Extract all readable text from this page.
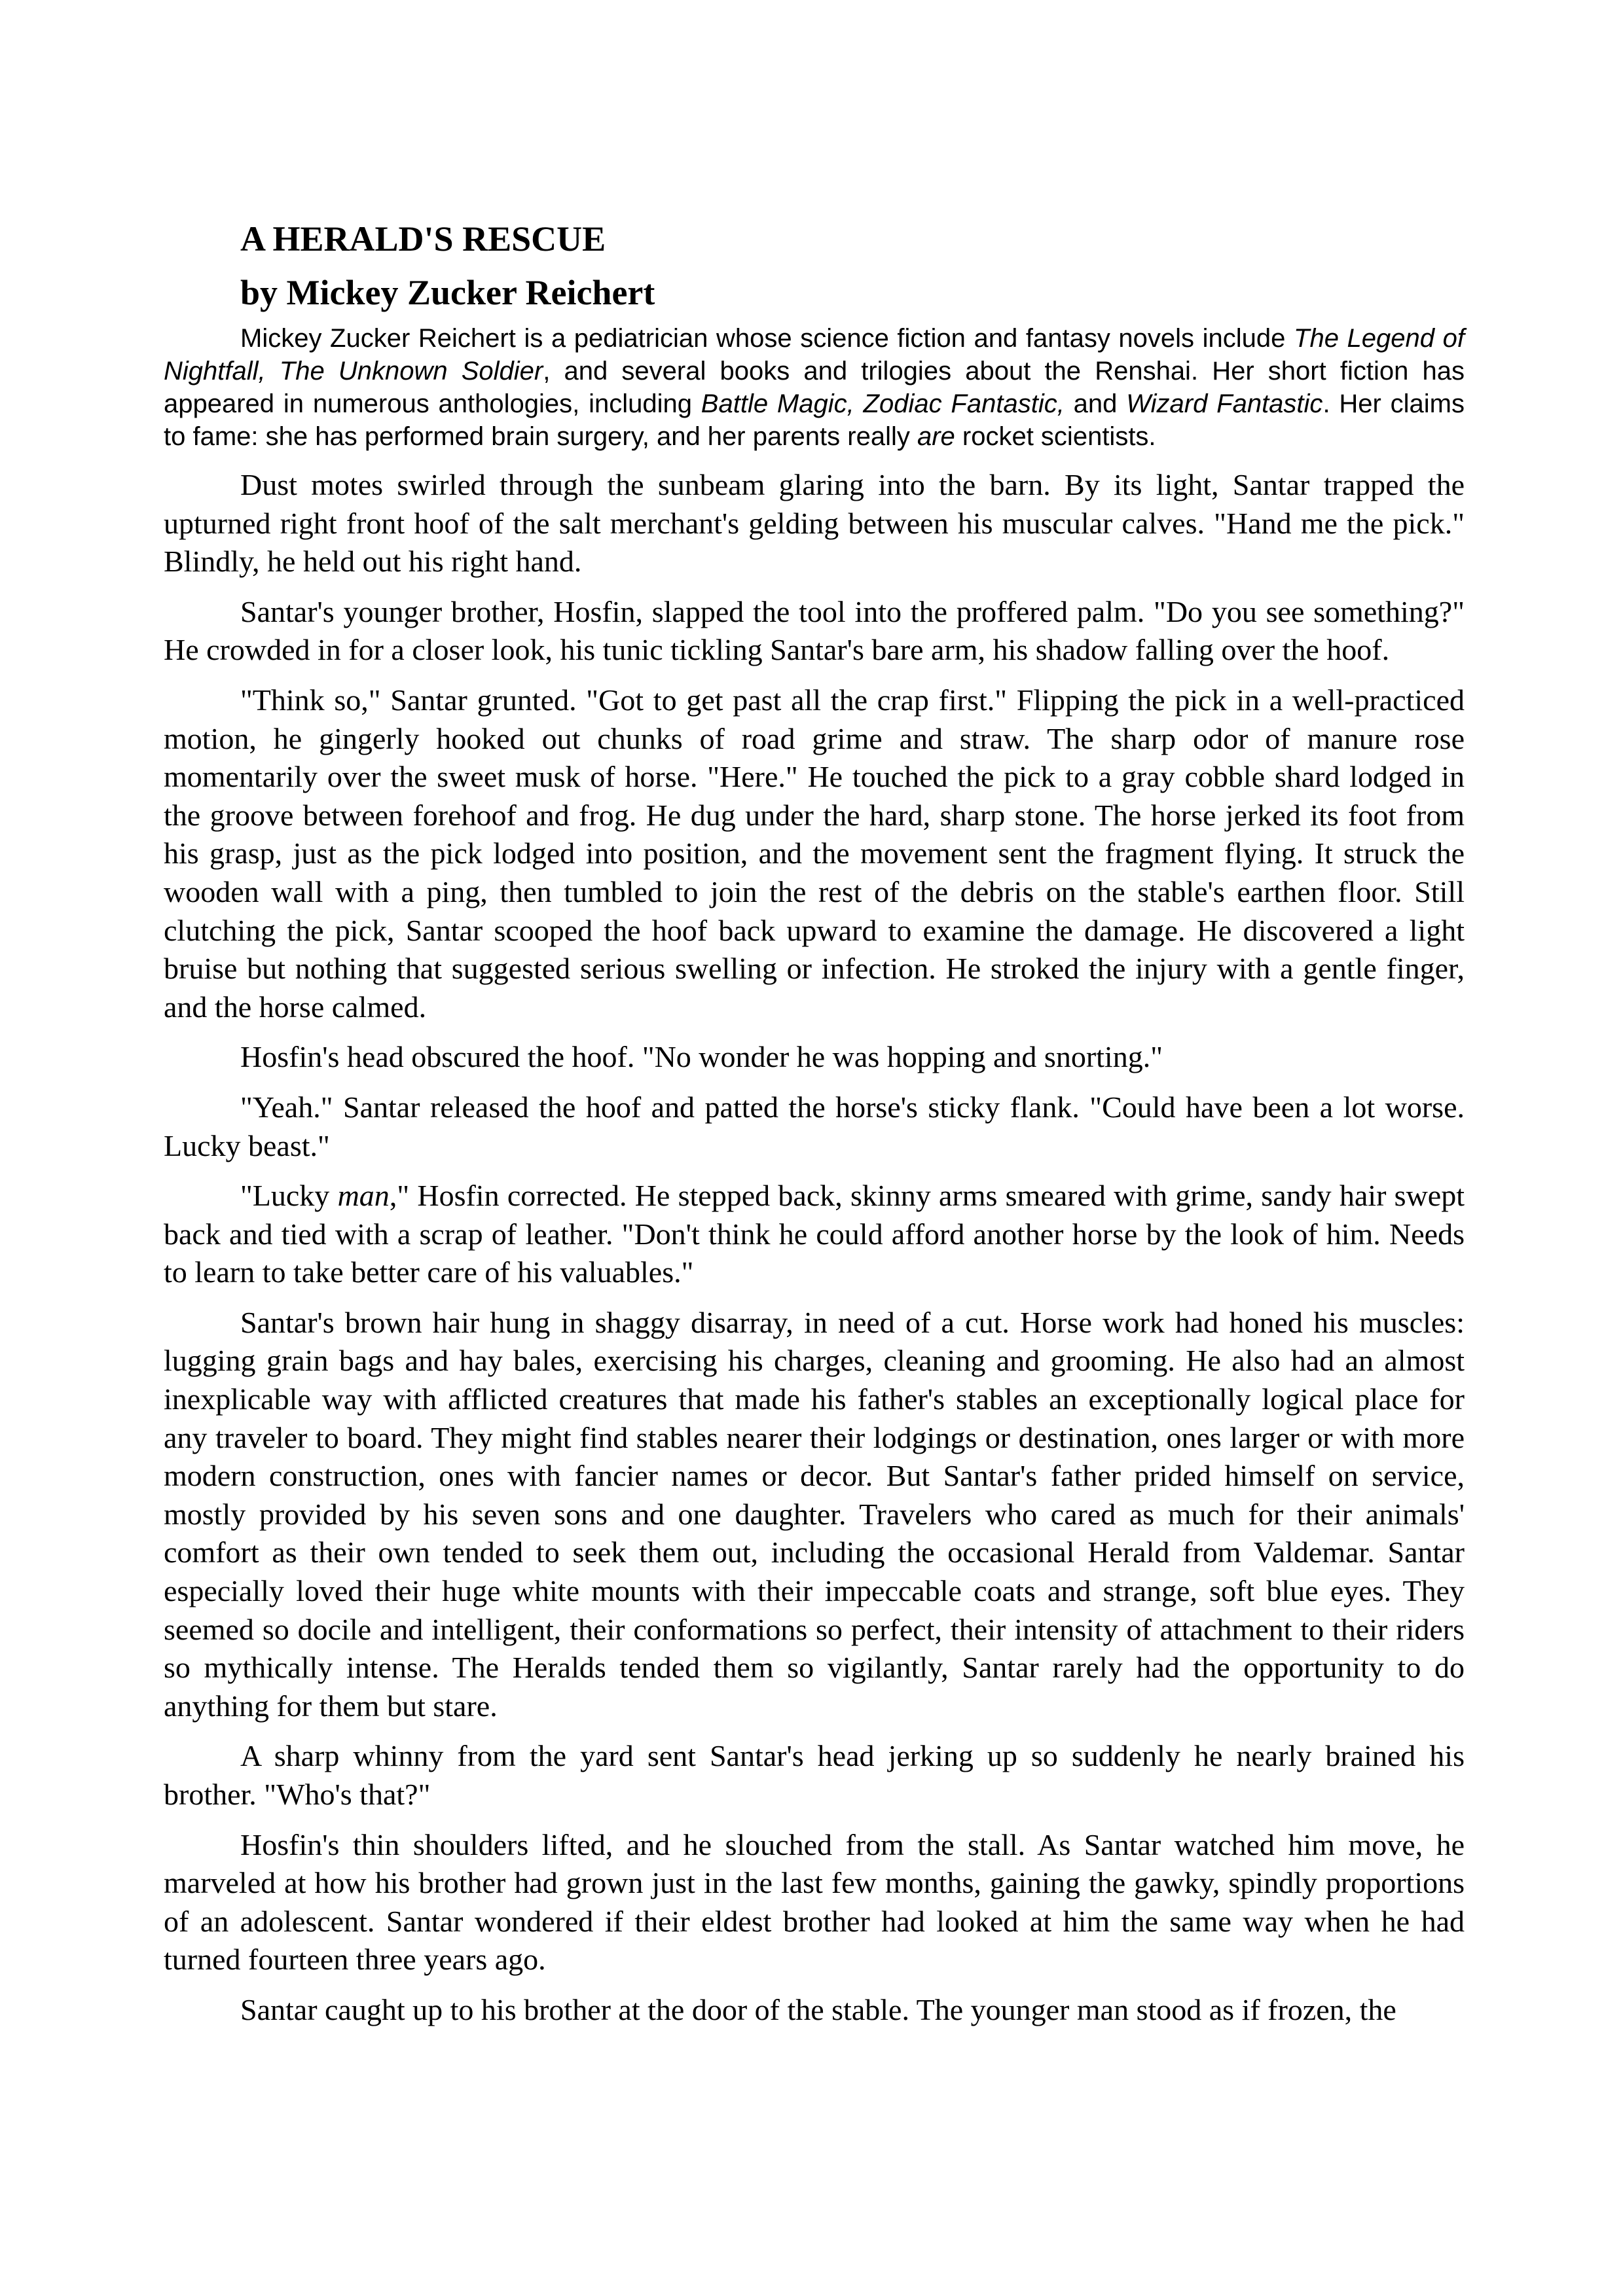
A HERALD'S RESCUE
by Mickey Zucker Reichert

Mickey Zucker Reichert is a pediatrician whose science fiction and fantasy novels include The Legend of Nightfall, The Unknown Soldier, and several books and trilogies about the Renshai. Her short fiction has appeared in numerous anthologies, including Battle Magic, Zodiac Fantastic, and Wizard Fantastic. Her claims to fame: she has performed brain surgery, and her parents really are rocket scientists.

Dust motes swirled through the sunbeam glaring into the barn. By its light, Santar trapped the upturned right front hoof of the salt merchant's gelding between his muscular calves. "Hand me the pick." Blindly, he held out his right hand.

Santar's younger brother, Hosfin, slapped the tool into the proffered palm. "Do you see something?" He crowded in for a closer look, his tunic tickling Santar's bare arm, his shadow falling over the hoof.

"Think so," Santar grunted. "Got to get past all the crap first." Flipping the pick in a well-practiced motion, he gingerly hooked out chunks of road grime and straw. The sharp odor of manure rose momentarily over the sweet musk of horse. "Here." He touched the pick to a gray cobble shard lodged in the groove between forehoof and frog. He dug under the hard, sharp stone. The horse jerked its foot from his grasp, just as the pick lodged into position, and the movement sent the fragment flying. It struck the wooden wall with a ping, then tumbled to join the rest of the debris on the stable's earthen floor. Still clutching the pick, Santar scooped the hoof back upward to examine the damage. He discovered a light bruise but nothing that suggested serious swelling or infection. He stroked the injury with a gentle finger, and the horse calmed.

Hosfin's head obscured the hoof. "No wonder he was hopping and snorting."

"Yeah." Santar released the hoof and patted the horse's sticky flank. "Could have been a lot worse. Lucky beast."

"Lucky man," Hosfin corrected. He stepped back, skinny arms smeared with grime, sandy hair swept back and tied with a scrap of leather. "Don't think he could afford another horse by the look of him. Needs to learn to take better care of his valuables."

Santar's brown hair hung in shaggy disarray, in need of a cut. Horse work had honed his muscles: lugging grain bags and hay bales, exercising his charges, cleaning and grooming. He also had an almost inexplicable way with afflicted creatures that made his father's stables an exceptionally logical place for any traveler to board. They might find stables nearer their lodgings or destination, ones larger or with more modern construction, ones with fancier names or decor. But Santar's father prided himself on service, mostly provided by his seven sons and one daughter. Travelers who cared as much for their animals' comfort as their own tended to seek them out, including the occasional Herald from Valdemar. Santar especially loved their huge white mounts with their impeccable coats and strange, soft blue eyes. They seemed so docile and intelligent, their conformations so perfect, their intensity of attachment to their riders so mythically intense. The Heralds tended them so vigilantly, Santar rarely had the opportunity to do anything for them but stare.

A sharp whinny from the yard sent Santar's head jerking up so suddenly he nearly brained his brother. "Who's that?"

Hosfin's thin shoulders lifted, and he slouched from the stall. As Santar watched him move, he marveled at how his brother had grown just in the last few months, gaining the gawky, spindly proportions of an adolescent. Santar wondered if their eldest brother had looked at him the same way when he had turned fourteen three years ago.

Santar caught up to his brother at the door of the stable. The younger man stood as if frozen, the
